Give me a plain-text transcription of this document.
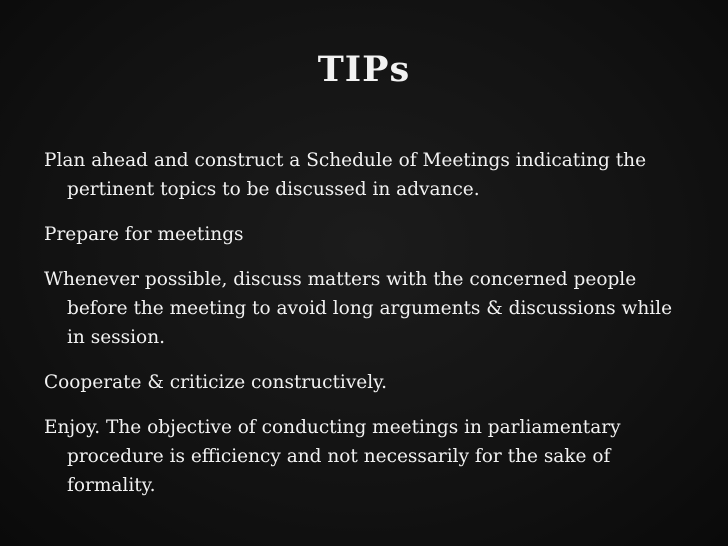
TIPs
Plan ahead and construct a Schedule of Meetings indicating the pertinent topics to be discussed in advance.
Prepare for meetings
Whenever possible, discuss matters with the concerned people before the meeting to avoid long arguments & discussions while in session.
Cooperate & criticize constructively.
Enjoy. The objective of conducting meetings in parliamentary procedure is efficiency and not necessarily for the sake of formality.
